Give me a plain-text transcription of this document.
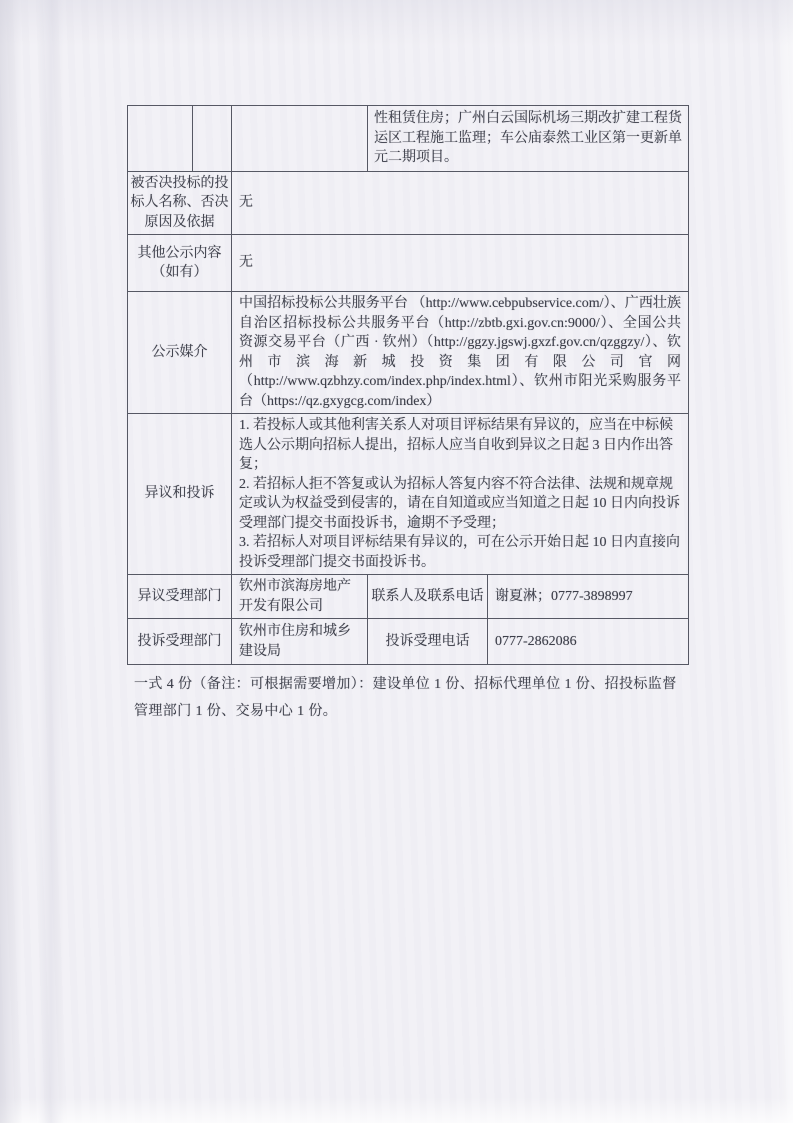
			性租赁住房；广州白云国际机场三期改扩建工程货运区工程施工监理；车公庙泰然工业区第一更新单元二期项目。	
被否决投标的投标人名称、否决原因及依据		无		
其他公示内容（如有）		无		
公示媒介		中国招标投标公共服务平台 （http://www.cebpubservice.com/）、广西壮族自治区招标投标公共服务平台（http://zbtb.gxi.gov.cn:9000/）、全国公共资源交易平台（广西 · 钦州）（http://ggzy.jgswj.gxzf.gov.cn/qzggzy/）、钦州市滨海新城投资集团有限公司官网（http://www.qzbhzy.com/index.php/index.html）、钦州市阳光采购服务平台（https://qz.gxygcg.com/index）		
异议和投诉		1. 若投标人或其他利害关系人对项目评标结果有异议的，应当在中标候选人公示期向招标人提出，招标人应当自收到异议之日起 3 日内作出答复；
2. 若招标人拒不答复或认为招标人答复内容不符合法律、法规和规章规定或认为权益受到侵害的，请在自知道或应当知道之日起 10 日内向投诉受理部门提交书面投诉书，逾期不予受理；
3. 若招标人对项目评标结果有异议的，可在公示开始日起 10 日内直接向投诉受理部门提交书面投诉书。		

异议受理部门		钦州市滨海房地产开发有限公司	联系人及联系电话	谢夏淋；0777-3898997
投诉受理部门		钦州市住房和城乡建设局	投诉受理电话	0777-2862086

一式 4 份（备注：可根据需要增加）：建设单位 1 份、招标代理单位 1 份、招投标监督管理部门 1 份、交易中心 1 份。
